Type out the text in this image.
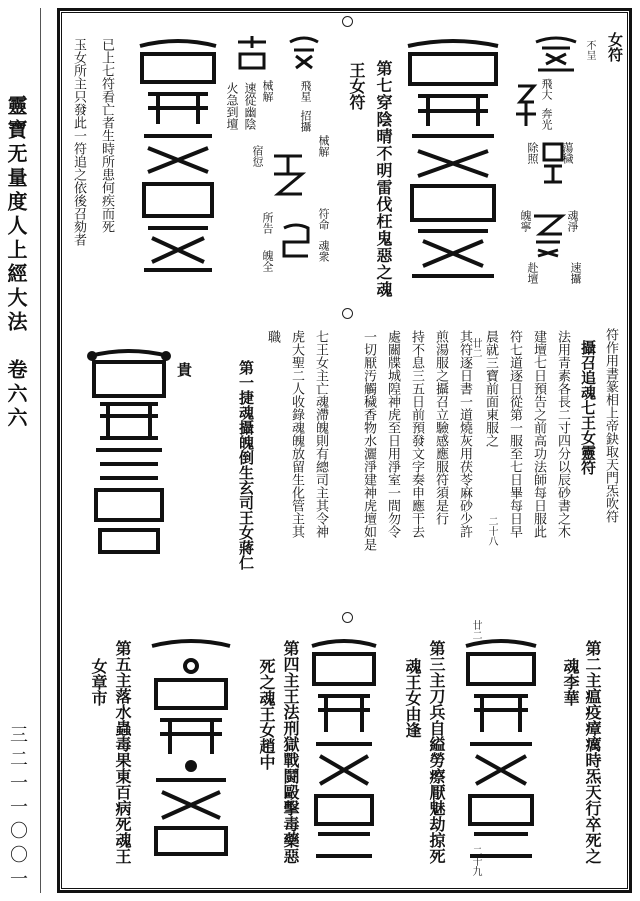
靈寶无量度人上經大法　卷六六
三二一一〇〇一
女符
不呈
飛大
奔光
蕩穢
除照
魂淨
魄寧
速攝
赴壇
第七穿陰晴不明雷伐枉鬼惡之魂
王女符
飛星
招攝
械解
械解
宿愆
符命
魂衆
所告
魄全
速從幽陰
火急到壇
已上七符看亡者生時所患何疾而死
玉女所主只發此一符追之依後召劾者
符作用書篆相上帝鈌取天門炁吹符
攝召追魂七王女靈符
法用青素各長二寸四分以辰砂書之木
建壇七日預告之前高功法師每日服此
符七道逐日從第一服至七日畢每日早
二十八
晨就三寶前面東服之
廿二
其符逐日書一道燒灰用茯苓麻砂少許
煎湯服之攝召立驗感應服符須是行
持不息三五日前預發文字奏申應干去
處關牒城隍神虎至日用淨室一間勿令
一切厭汚觸穢香物水灑淨建神虎壇如是
七王女主亡魂滯魄則有總司主其令神
虎大聖二人收錄魂魄放留生化管主其
職
第一捷魂攝魄倒生玄司王女蔣仁
貴
第二主瘟疫瘴癘時炁天行卒死之
魂李華
二十九
廿二
第三主刀兵自縊勞瘵厭魅劫掠死
魂王女由逢
第四主王法刑獄戰鬪毆擊毒藥惡
死之魂王女趙中
第五主落水蟲毒果東百病死魂王
女章市
